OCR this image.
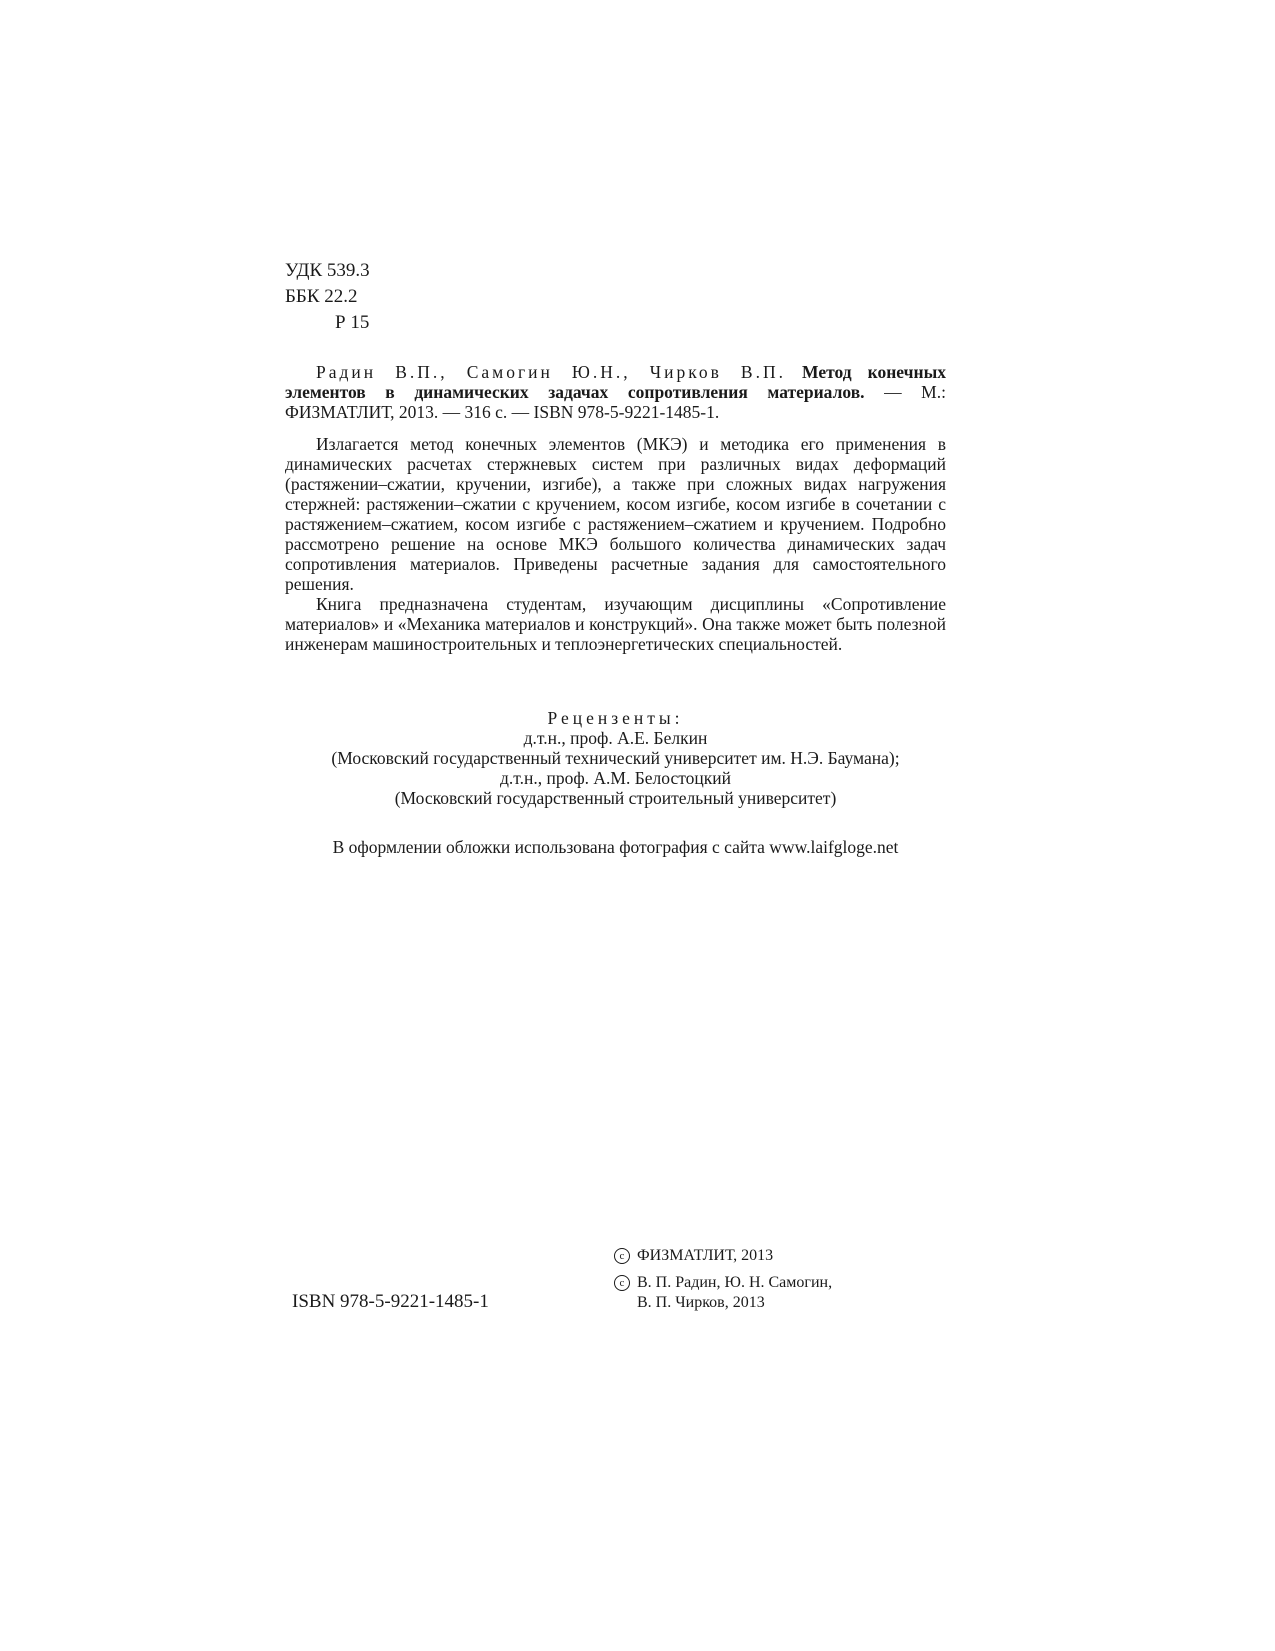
УДК 539.3
ББК 22.2
Р 15

Радин В.П., Самогин Ю.Н., Чирков В.П. Метод конечных элементов в динамических задачах сопротивления материалов. — М.: ФИЗМАТЛИТ, 2013. — 316 с. — ISBN 978-5-9221-1485-1.

Излагается метод конечных элементов (МКЭ) и методика его применения в динамических расчетах стержневых систем при различных видах деформаций (растяжении–сжатии, кручении, изгибе), а также при сложных видах нагружения стержней: растяжении–сжатии с кручением, косом изгибе, косом изгибе в сочетании с растяжением–сжатием, косом изгибе с растяжением–сжатием и кручением. Подробно рассмотрено решение на основе МКЭ большого количества динамических задач сопротивления материалов. Приведены расчетные задания для самостоятельного решения.

Книга предназначена студентам, изучающим дисциплины «Сопротивление материалов» и «Механика материалов и конструкций». Она также может быть полезной инженерам машиностроительных и теплоэнергетических специальностей.

Рецензенты:
д.т.н., проф. А.Е. Белкин
(Московский государственный технический университет им. Н.Э. Баумана);
д.т.н., проф. А.М. Белостоцкий
(Московский государственный строительный университет)
В оформлении обложки использована фотография с сайта www.laifgloge.net
ISBN 978-5-9221-1485-1
c ФИЗМАТЛИТ, 2013
c В. П. Радин, Ю. Н. Самогин,
В. П. Чирков, 2013
